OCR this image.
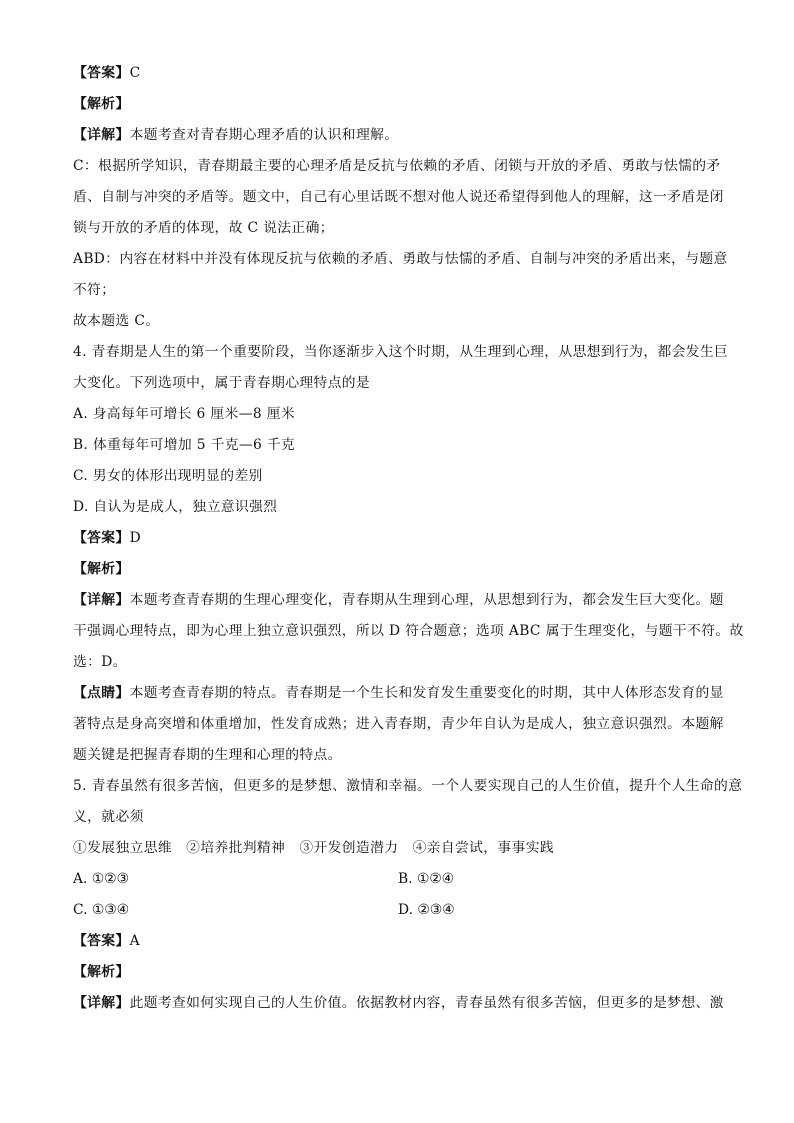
【答案】C
【解析】
【详解】本题考查对青春期心理矛盾的认识和理解。
C：根据所学知识，青春期最主要的心理矛盾是反抗与依赖的矛盾、闭锁与开放的矛盾、勇敢与怯懦的矛
盾、自制与冲突的矛盾等。题文中，自己有心里话既不想对他人说还希望得到他人的理解，这一矛盾是闭
锁与开放的矛盾的体现，故 C 说法正确；
ABD：内容在材料中并没有体现反抗与依赖的矛盾、勇敢与怯懦的矛盾、自制与冲突的矛盾出来，与题意
不符；
故本题选 C。
4. 青春期是人生的第一个重要阶段，当你逐渐步入这个时期，从生理到心理，从思想到行为，都会发生巨
大变化。下列选项中，属于青春期心理特点的是
A. 身高每年可增长 6 厘米—8 厘米
B. 体重每年可增加 5 千克—6 千克
C. 男女的体形出现明显的差别
D. 自认为是成人，独立意识强烈
【答案】D
【解析】
【详解】本题考查青春期的生理心理变化，青春期从生理到心理，从思想到行为，都会发生巨大变化。题
干强调心理特点，即为心理上独立意识强烈，所以 D 符合题意；选项 ABC 属于生理变化，与题干不符。故
选：D。
【点睛】本题考查青春期的特点。青春期是一个生长和发育发生重要变化的时期，其中人体形态发育的显
著特点是身高突增和体重增加，性发育成熟；进入青春期，青少年自认为是成人，独立意识强烈。本题解
题关键是把握青春期的生理和心理的特点。
5. 青春虽然有很多苦恼，但更多的是梦想、激情和幸福。一个人要实现自己的人生价值，提升个人生命的意
义，就必须
①发展独立思维　②培养批判精神　③开发创造潜力　④亲自尝试，事事实践
A. ①②③	B. ①②④
C. ①③④	D. ②③④
【答案】A
【解析】
【详解】此题考查如何实现自己的人生价值。依据教材内容，青春虽然有很多苦恼，但更多的是梦想、激
